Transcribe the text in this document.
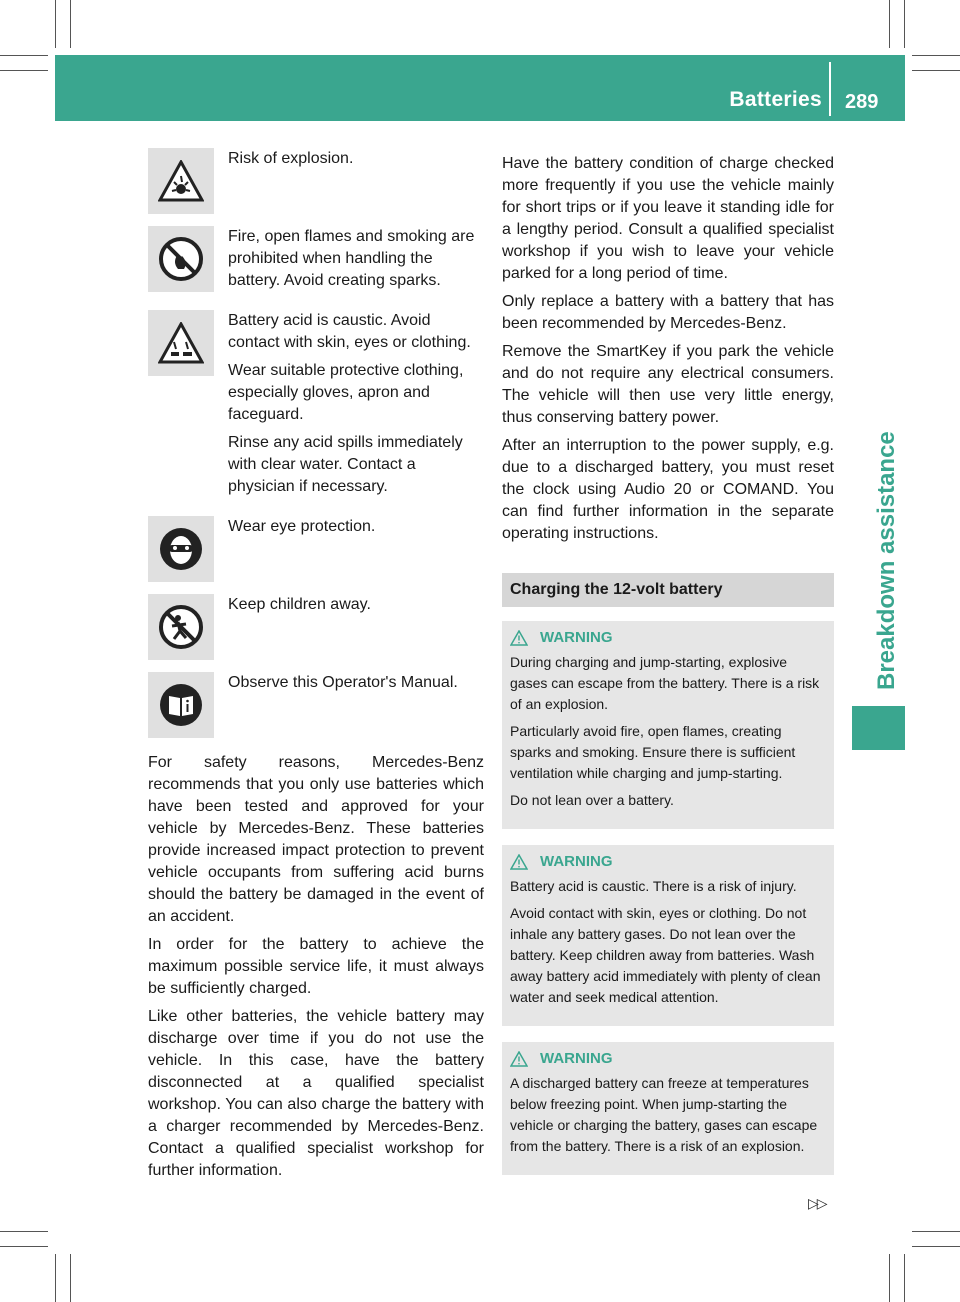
Batteries 289
Breakdown assistance

Risk of explosion.

Fire, open flames and smoking are prohibited when handling the battery. Avoid creating sparks.

Battery acid is caustic. Avoid contact with skin, eyes or clothing.

Wear suitable protective clothing, especially gloves, apron and faceguard.

Rinse any acid spills immediately with clear water. Contact a physician if necessary.

Wear eye protection.

Keep children away.

Observe this Operator's Manual.

For safety reasons, Mercedes-Benz recommends that you only use batteries which have been tested and approved for your vehicle by Mercedes-Benz. These batteries provide increased impact protection to prevent vehicle occupants from suffering acid burns should the battery be damaged in the event of an accident.

In order for the battery to achieve the maximum possible service life, it must always be sufficiently charged.

Like other batteries, the vehicle battery may discharge over time if you do not use the vehicle. In this case, have the battery disconnected at a qualified specialist workshop. You can also charge the battery with a charger recommended by Mercedes-Benz. Contact a qualified specialist workshop for further information.

Have the battery condition of charge checked more frequently if you use the vehicle mainly for short trips or if you leave it standing idle for a lengthy period. Consult a qualified specialist workshop if you wish to leave your vehicle parked for a long period of time.

Only replace a battery with a battery that has been recommended by Mercedes-Benz.

Remove the SmartKey if you park the vehicle and do not require any electrical consumers. The vehicle will then use very little energy, thus conserving battery power.

After an interruption to the power supply, e.g. due to a discharged battery, you must reset the clock using Audio 20 or COMAND. You can find further information in the separate operating instructions.

Charging the 12-volt battery
WARNING

During charging and jump-starting, explosive gases can escape from the battery. There is a risk of an explosion.

Particularly avoid fire, open flames, creating sparks and smoking. Ensure there is sufficient ventilation while charging and jump-starting.

Do not lean over a battery.

WARNING

Battery acid is caustic. There is a risk of injury.

Avoid contact with skin, eyes or clothing. Do not inhale any battery gases. Do not lean over the battery. Keep children away from batteries. Wash away battery acid immediately with plenty of clean water and seek medical attention.

WARNING

A discharged battery can freeze at temperatures below freezing point. When jump-starting the vehicle or charging the battery, gases can escape from the battery. There is a risk of an explosion.

▷▷
